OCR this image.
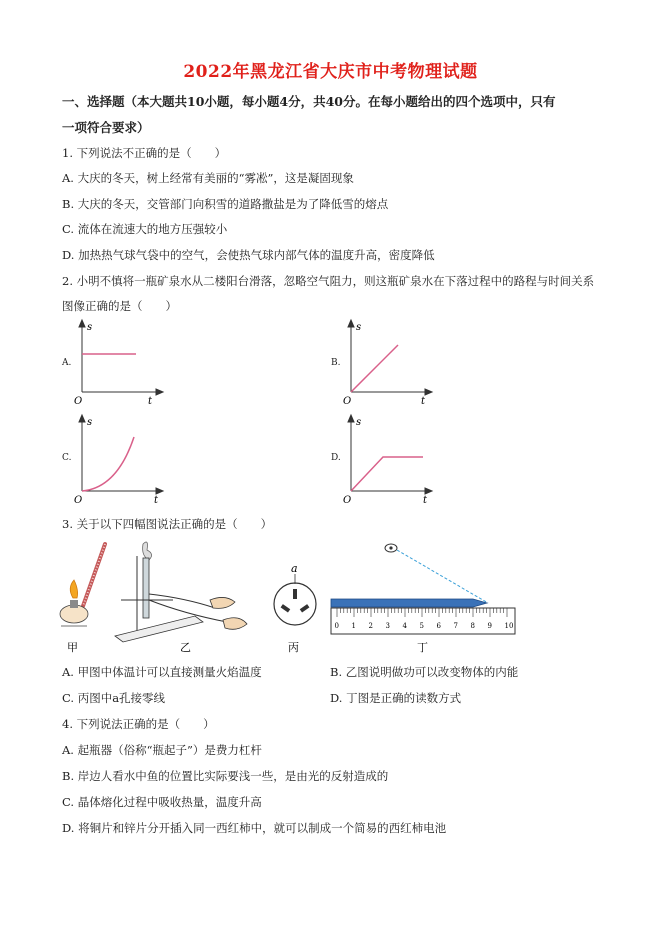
2022年黑龙江省大庆市中考物理试题
一、选择题（本大题共10小题，每小题4分，共40分。在每小题给出的四个选项中，只有
一项符合要求）
1. 下列说法不正确的是（　　）
A. 大庆的冬天，树上经常有美丽的“雾凇”，这是凝固现象
B. 大庆的冬天，交管部门向积雪的道路撒盐是为了降低雪的熔点
C. 流体在流速大的地方压强较小
D. 加热热气球气袋中的空气，会使热气球内部气体的温度升高，密度降低
2. 小明不慎将一瓶矿泉水从二楼阳台滑落，忽略空气阻力，则这瓶矿泉水在下落过程中的路程与时间关系
图像正确的是（　　）
A.
s
O	t
B.
s
O	t
C.
s
O	t
D.
s
O	t
3. 关于以下四幅图说法正确的是（　　）
甲	乙
a
丙
0 1 2 3 4 5 6 7 8 9 10
丁
A. 甲图中体温计可以直接测量火焰温度	B. 乙图说明做功可以改变物体的内能
C. 丙图中a孔接零线	D. 丁图是正确的读数方式
4. 下列说法正确的是（　　）
A. 起瓶器（俗称“瓶起子”）是费力杠杆
B. 岸边人看水中鱼的位置比实际要浅一些，是由光的反射造成的
C. 晶体熔化过程中吸收热量，温度升高
D. 将铜片和锌片分开插入同一西红柿中，就可以制成一个简易的西红柿电池
